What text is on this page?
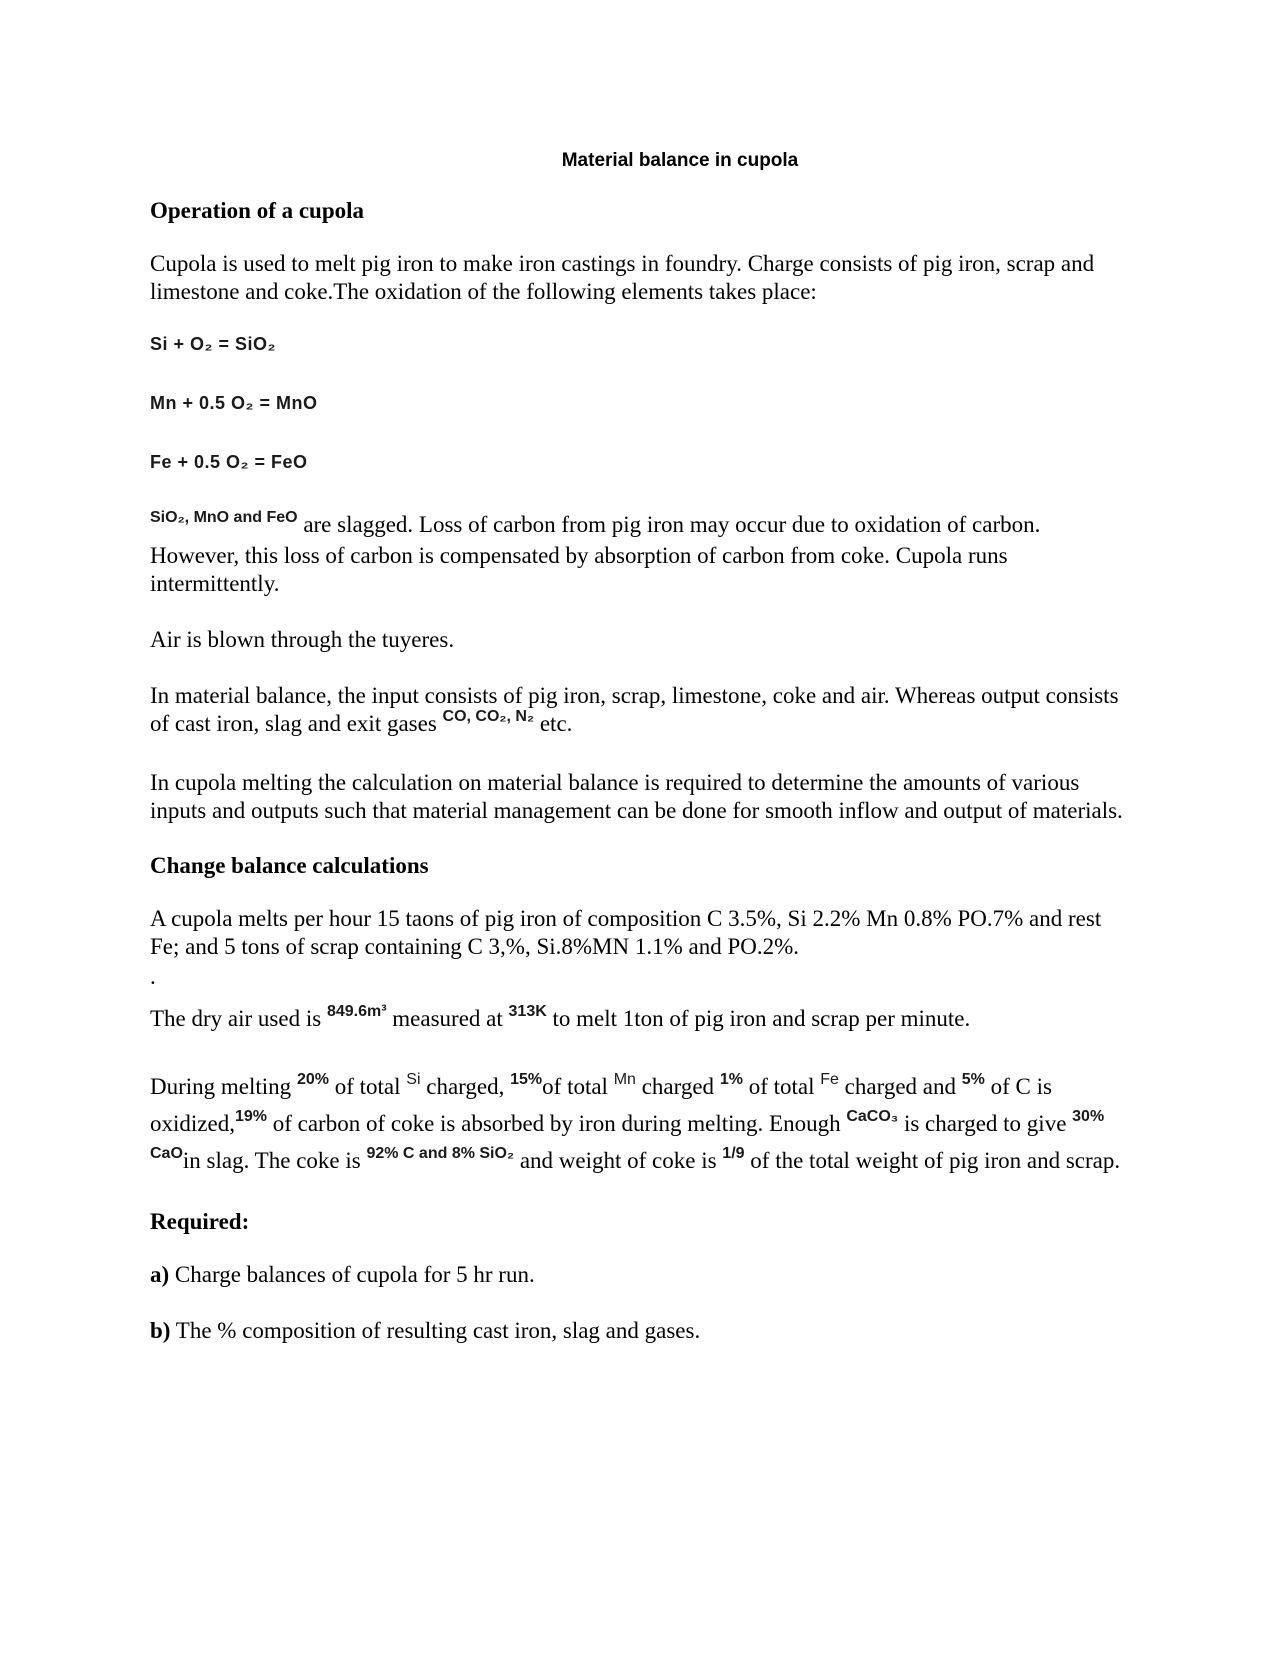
Material balance in cupola
Operation of a cupola

Cupola is used to melt pig iron to make iron castings in foundry. Charge consists of pig iron, scrap and limestone and coke.The oxidation of the following elements takes place:

Si + O₂ = SiO₂
Mn + 0.5 O₂ = MnO
Fe + 0.5 O₂ = FeO

$^{SiO_2, MnO and FeO}$ are slagged. Loss of carbon from pig iron may occur due to oxidation of carbon. However, this loss of carbon is compensated by absorption of carbon from coke. Cupola runs intermittently.

Air is blown through the tuyeres.

In material balance, the input consists of pig iron, scrap, limestone, coke and air. Whereas output consists of cast iron, slag and exit gases $^{CO, CO_2, N_2}$ etc.

In cupola melting the calculation on material balance is required to determine the amounts of various inputs and outputs such that material management can be done for smooth inflow and output of materials.

Change balance calculations

A cupola melts per hour 15 taons of pig iron of composition C 3.5%, Si 2.2% Mn 0.8% PO.7% and rest Fe; and 5 tons of scrap containing C 3,%, Si.8%MN 1.1% and PO.2%.

.

The dry air used is $^{849.6m^3}$ measured at $^{313K}$ to melt 1ton of pig iron and scrap per minute.

During melting $^{20\%}$ of total $^{Si}$ charged, $^{15\%}$of total $^{Mn}$ charged $^{1\%}$ of total $^{Fe}$ charged and $^{5\%}$ of C is oxidized,$^{19\%}$ of carbon of coke is absorbed by iron during melting. Enough $^{CaCO_3}$ is charged to give $^{30\% CaO}$in slag. The coke is $^{92\% C and 8\% SiO_2}$ and weight of coke is $^{1/9}$ of the total weight of pig iron and scrap.

Required:

a) Charge balances of cupola for 5 hr run.

b) The % composition of resulting cast iron, slag and gases.
